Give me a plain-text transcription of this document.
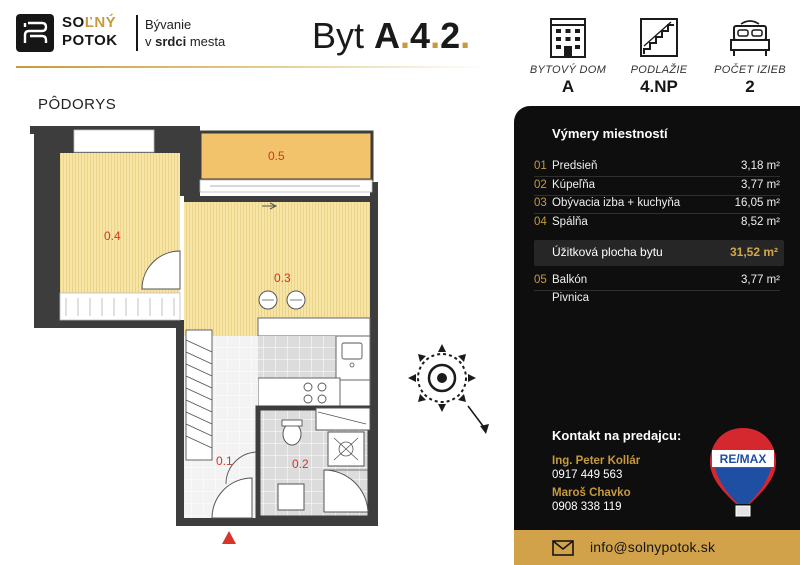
SOĽNÝ
POTOK
Bývanie
v srdci mesta Byt A.4.2.
BYTOVÝ DOM
A
PODLAŽIE
4.NP
POČET IZIEB
2
PÔDORYS
0.4
0.5
0.3
0.1	0.2
Výmery miestností
01 Predsieň	3,18 m²
02 Kúpeľňa	3,77 m²
03 Obývacia izba + kuchyňa	16,05 m²
04 Spálňa	8,52 m²
Úžitková plocha bytu	31,52 m²
05 Balkón	3,77 m²
Pivnica
Kontakt na predajcu:
Ing. Peter Kollár
0917 449 563
Maroš Chavko
0908 338 119
RE/MAX
info@solnypotok.sk
